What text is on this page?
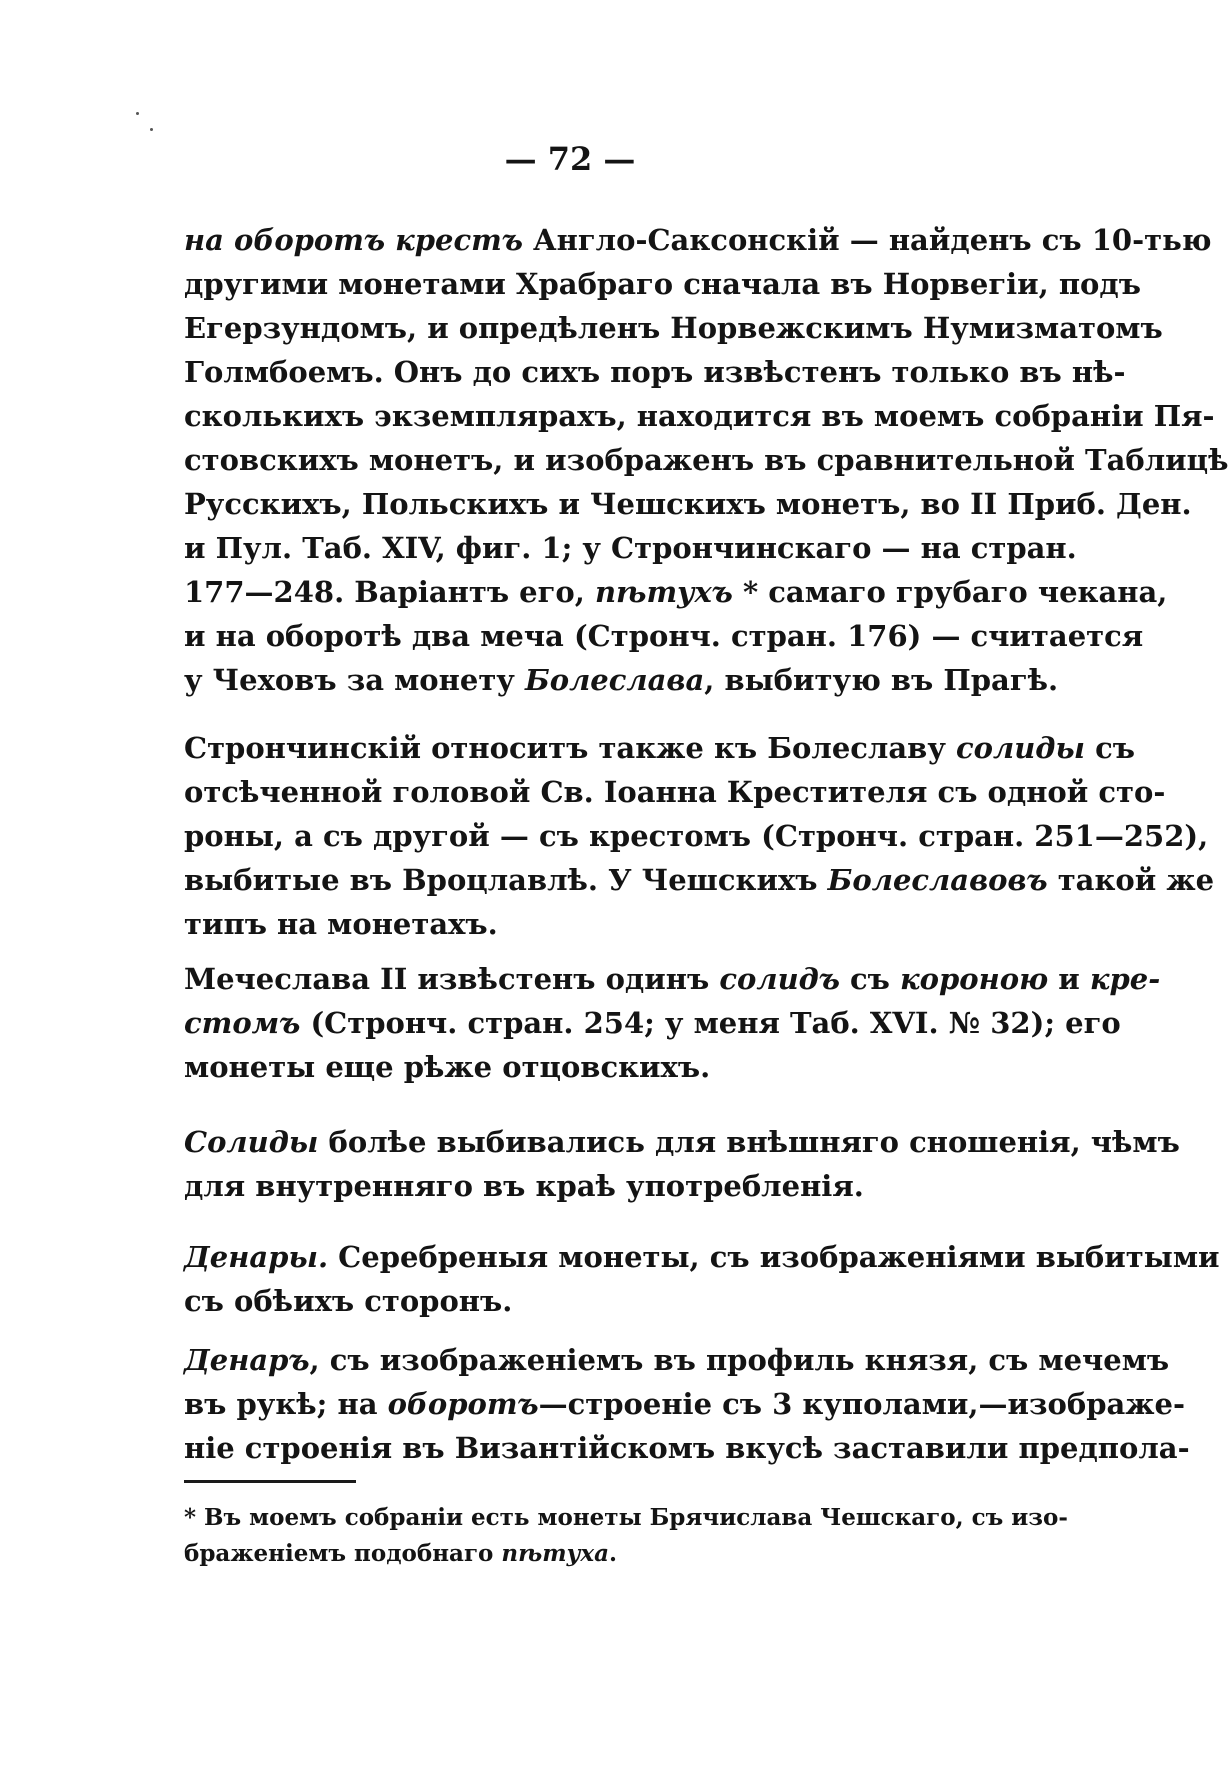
— 72 —
на оборотъ крестъ Англо-Саксонскій — найденъ съ 10-тью
другими монетами Храбраго сначала въ Норвегіи, подъ
Егерзундомъ, и опредѣленъ Норвежскимъ Нумизматомъ
Голмбоемъ. Онъ до сихъ поръ извѣстенъ только въ нѣ-
сколькихъ экземплярахъ, находится въ моемъ собраніи Пя-
стовскихъ монетъ, и изображенъ въ сравнительной Таблицѣ
Русскихъ, Польскихъ и Чешскихъ монетъ, во II Приб. Ден.
и Пул. Таб. XIV, фиг. 1; у Стрончинскаго — на стран.
177—248. Варіантъ его, пѣтухъ * самаго грубаго чекана,
и на оборотѣ два меча (Стронч. стран. 176) — считается
у Чеховъ за монету Болеслава, выбитую въ Прагѣ.
Стрончинскій относитъ также къ Болеславу солиды съ
отсѣченной головой Св. Іоанна Крестителя съ одной сто-
роны, а съ другой — съ крестомъ (Стронч. стран. 251—252),
выбитые въ Вроцлавлѣ. У Чешскихъ Болеславовъ такой же
типъ на монетахъ.
Мечеслава II извѣстенъ одинъ солидъ съ короною и кре-
стомъ (Стронч. стран. 254; у меня Таб. XVI. № 32); его
монеты еще рѣже отцовскихъ.
Солиды болѣе выбивались для внѣшняго сношенія, чѣмъ
для внутренняго въ краѣ употребленія.
Денары. Серебреныя монеты, съ изображеніями выбитыми
съ обѣихъ сторонъ.
Денаръ, съ изображеніемъ въ профиль князя, съ мечемъ
въ рукѣ; на оборотъ—строеніе съ 3 куполами,—изображе-
ніе строенія въ Византійскомъ вкусѣ заставили предпола-
* Въ моемъ собраніи есть монеты Брячислава Чешскаго, съ изо-
браженіемъ подобнаго пѣтуха.
